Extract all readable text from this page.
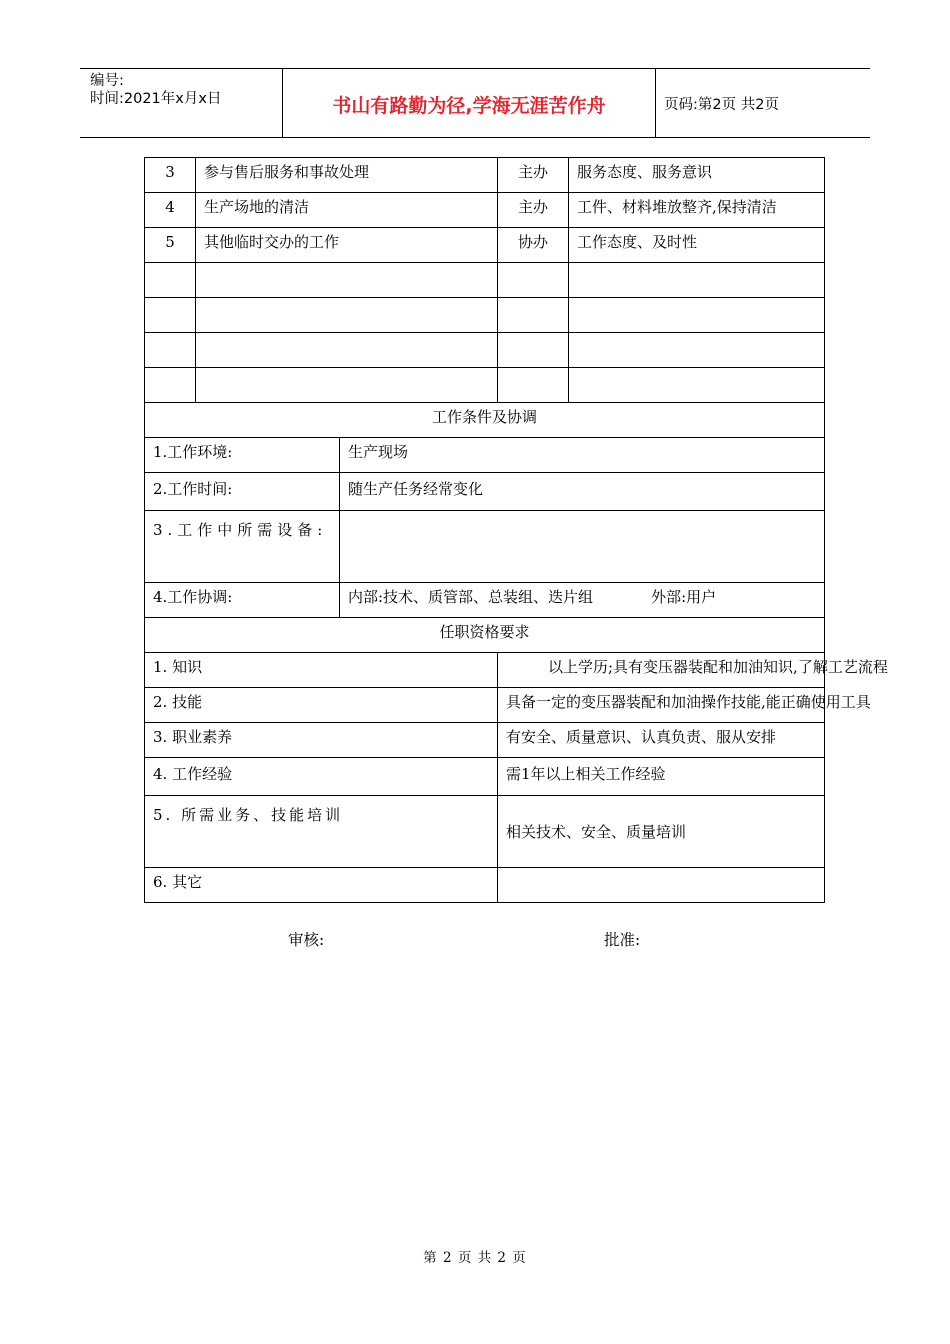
编号:
时间:2021年x月x日	书山有路勤为径,学海无涯苦作舟	页码:第2页 共2页
3	参与售后服务和事故处理		主办	服务态度、服务意识
4	生产场地的清洁		主办	工件、材料堆放整齐,保持清洁
5	其他临时交办的工作		协办	工作态度、及时性

工作条件及协调				
1.工作环境:		生产现场		
2.工作时间:		随生产任务经常变化		
3.工作中所需设备:				
4.工作协调:		内部:技术、质管部、总装组、迭片组 外部:用户		
任职资格要求				
1. 知识			以上学历;具有变压器装配和加油知识,了解工艺流程	
2. 技能			具备一定的变压器装配和加油操作技能,能正确使用工具	
3. 职业素养			有安全、质量意识、认真负责、服从安排	
4. 工作经验			需1年以上相关工作经验	
5. 所需业务、技能培训			相关技术、安全、质量培训	
6. 其它				
审核:	批准:
第 2 页 共 2 页
